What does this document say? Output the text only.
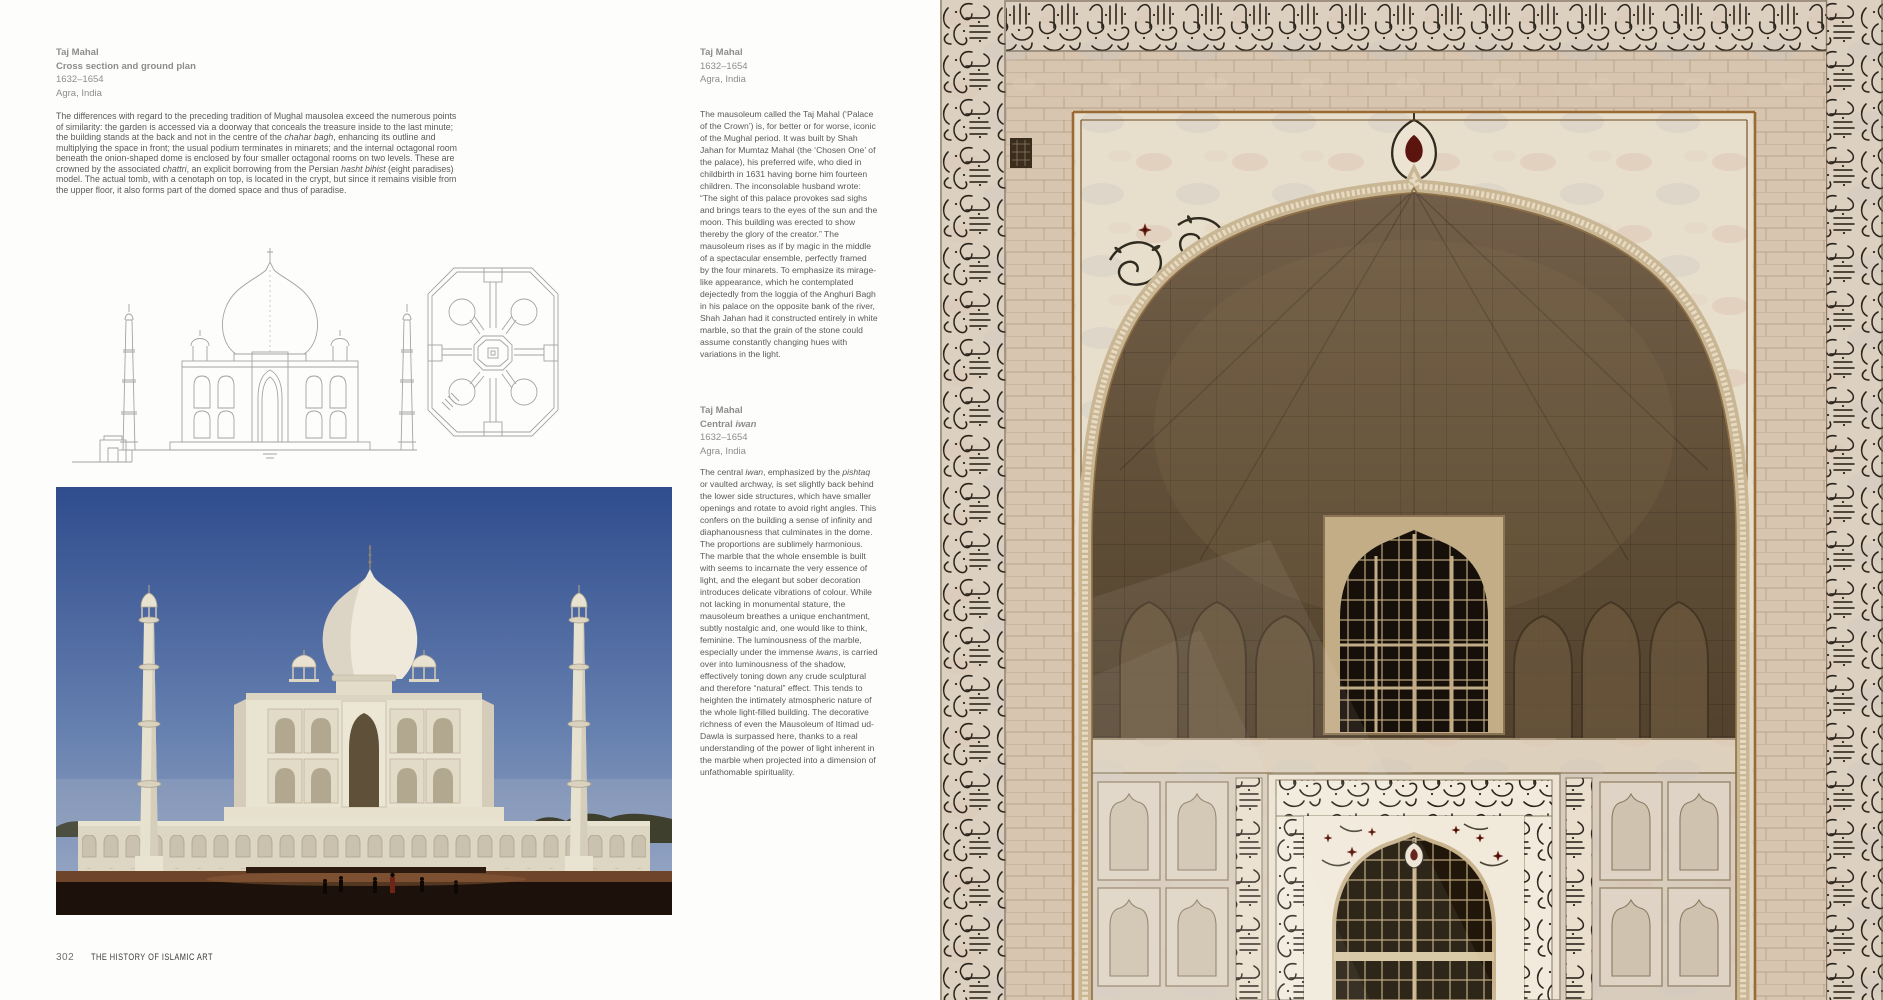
Taj Mahal
Cross section and ground plan
1632–1654
Agra, India

The differences with regard to the preceding tradition of Mughal mausolea exceed the numerous points of similarity: the garden is accessed via a doorway that conceals the treasure inside to the last minute; the building stands at the back and not in the centre of the chahar bagh, enhancing its outline and multiplying the space in front; the usual podium terminates in minarets; and the internal octagonal room beneath the onion-shaped dome is enclosed by four smaller octagonal rooms on two levels. These are crowned by the associated chattri, an explicit borrowing from the Persian hasht bihist (eight paradises) model. The actual tomb, with a cenotaph on top, is located in the crypt, but since it remains visible from the upper floor, it also forms part of the domed space and thus of paradise.

302 THE HISTORY OF ISLAMIC ART
Taj Mahal
1632–1654
Agra, India

The mausoleum called the Taj Mahal (‘Palace of the Crown’) is, for better or for worse, iconic of the Mughal period. It was built by Shah Jahan for Mumtaz Mahal (the ‘Chosen One’ of the palace), his preferred wife, who died in childbirth in 1631 having borne him fourteen children. The inconsolable husband wrote: “The sight of this palace provokes sad sighs and brings tears to the eyes of the sun and the moon. This building was erected to show thereby the glory of the creator.” The mausoleum rises as if by magic in the middle of a spectacular ensemble, perfectly framed by the four minarets. To emphasize its mirage-like appearance, which he contemplated dejectedly from the loggia of the Anghuri Bagh in his palace on the opposite bank of the river, Shah Jahan had it constructed entirely in white marble, so that the grain of the stone could assume constantly changing hues with variations in the light.

Taj Mahal
Central iwan
1632–1654
Agra, India

The central iwan, emphasized by the pishtaq or vaulted archway, is set slightly back behind the lower side structures, which have smaller openings and rotate to avoid right angles. This confers on the building a sense of infinity and diaphanousness that culminates in the dome. The proportions are sublimely harmonious. The marble that the whole ensemble is built with seems to incarnate the very essence of light, and the elegant but sober decoration introduces delicate vibrations of colour. While not lacking in monumental stature, the mausoleum breathes a unique enchantment, subtly nostalgic and, one would like to think, feminine. The luminousness of the marble, especially under the immense iwans, is carried over into luminousness of the shadow, effectively toning down any crude sculptural and therefore “natural” effect. This tends to heighten the intimately atmospheric nature of the whole light-filled building. The decorative richness of even the Mausoleum of Itimad ud-Dawla is surpassed here, thanks to a real understanding of the power of light inherent in the marble when projected into a dimension of unfathomable spirituality.
